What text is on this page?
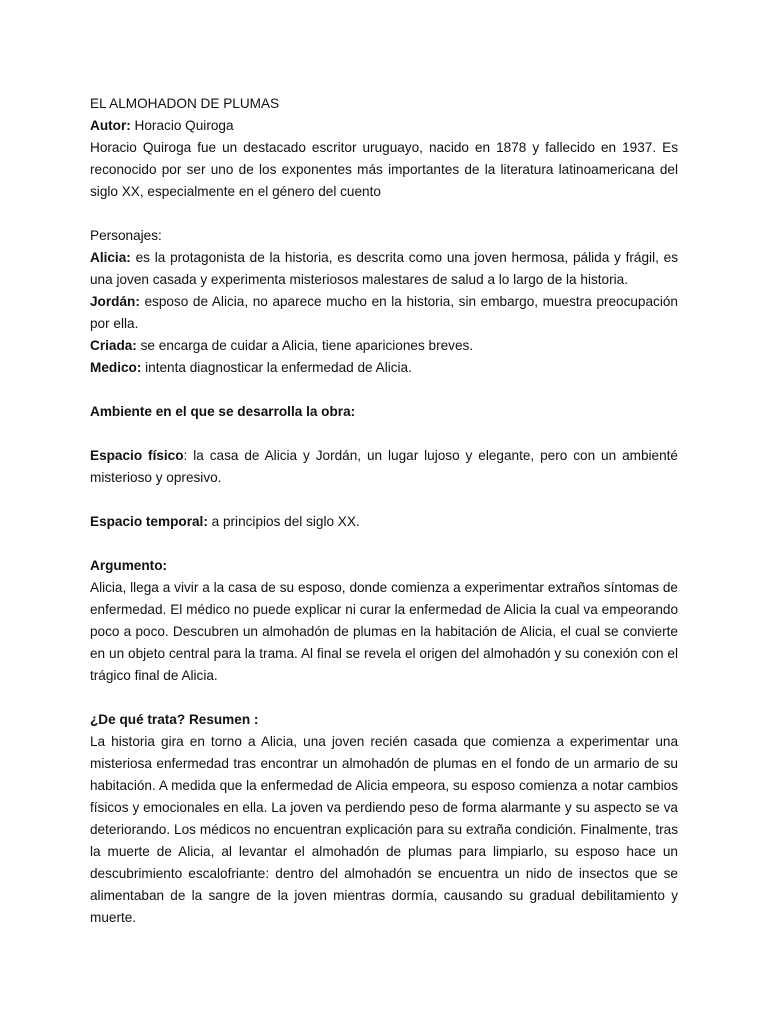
EL ALMOHADON DE PLUMAS

Autor: Horacio Quiroga

Horacio Quiroga fue un destacado escritor uruguayo, nacido en 1878 y fallecido en 1937. Es reconocido por ser uno de los exponentes más importantes de la literatura latinoamericana del siglo XX, especialmente en el género del cuento

Personajes:

Alicia: es la protagonista de la historia, es descrita como una joven hermosa, pálida y frágil, es una joven casada y experimenta misteriosos malestares de salud a lo largo de la historia.

Jordán: esposo de Alicia, no aparece mucho en la historia, sin embargo, muestra preocupación por ella.

Criada: se encarga de cuidar a Alicia, tiene apariciones breves.

Medico: intenta diagnosticar la enfermedad de Alicia.

Ambiente en el que se desarrolla la obra:

Espacio físico: la casa de Alicia y Jordán, un lugar lujoso y elegante, pero con un ambienté misterioso y opresivo.

Espacio temporal: a principios del siglo XX.

Argumento:

Alicia, llega a vivir a la casa de su esposo, donde comienza a experimentar extraños síntomas de enfermedad. El médico no puede explicar ni curar la enfermedad de Alicia la cual va empeorando poco a poco. Descubren un almohadón de plumas en la habitación de Alicia, el cual se convierte en un objeto central para la trama. Al final se revela el origen del almohadón y su conexión con el trágico final de Alicia.

¿De qué trata? Resumen :

La historia gira en torno a Alicia, una joven recién casada que comienza a experimentar una misteriosa enfermedad tras encontrar un almohadón de plumas en el fondo de un armario de su habitación. A medida que la enfermedad de Alicia empeora, su esposo comienza a notar cambios físicos y emocionales en ella. La joven va perdiendo peso de forma alarmante y su aspecto se va deteriorando. Los médicos no encuentran explicación para su extraña condición. Finalmente, tras la muerte de Alicia, al levantar el almohadón de plumas para limpiarlo, su esposo hace un descubrimiento escalofriante: dentro del almohadón se encuentra un nido de insectos que se alimentaban de la sangre de la joven mientras dormía, causando su gradual debilitamiento y muerte.
